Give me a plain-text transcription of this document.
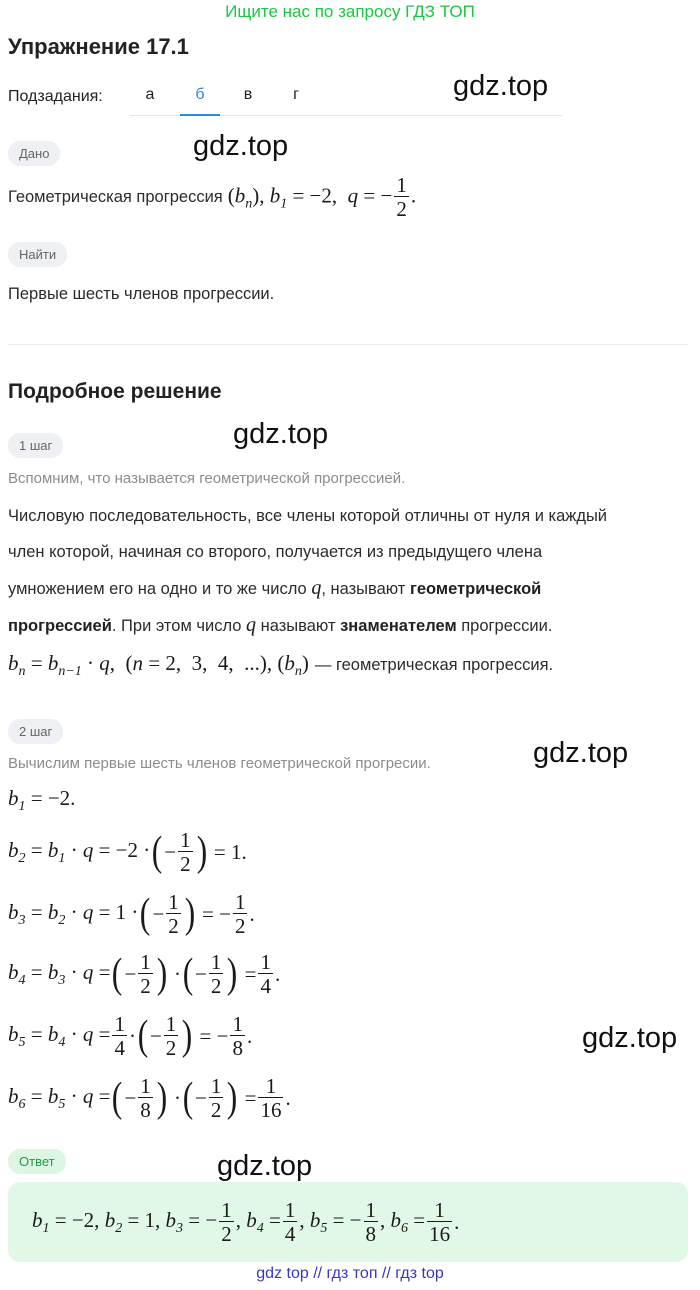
Ищите нас по запросу ГДЗ ТОП
Упражнение 17.1
Подзадания:	а	б	в	г	gdz.top
gdz.top
gdz.top
gdz.top
gdz.top
gdz.top
Дано
Геометрическая прогрессия $(b_n)$, $b_1 = -2$,  q = − $\frac{1}{2}$ .
Найти
Первые шесть членов прогрессии.
Подробное решение
1 шаг
Вспомним, что называется геометрической прогрессией.
Числовую последовательность, все члены которой отличны от нуля и каждый
член которой, начиная со второго, получается из предыдущего члена
умножением его на одно и то же число q, называют геометрической
прогрессией. При этом число q называют знаменателем прогрессии.
$b_n = b_{n-1} \cdot q$,  (n = 2,  3,  4,  ...), $(b_n)$ — геометрическая прогрессия.
2 шаг
Вычислим первые шесть членов геометрической прогресии.
$b_1 = -2$.
$b_2 = b_1 \cdot q = -2$ · ( − $\frac{1}{2}$ ) = 1.
$b_3 = b_2 \cdot q = 1$ · ( − $\frac{1}{2}$ ) = − $\frac{1}{2}$ .
$b_4 = b_3 \cdot q$ = ( − $\frac{1}{2}$ ) · ( − $\frac{1}{2}$ ) = $\frac{1}{4}$ .
$b_5 = b_4 \cdot q = \frac{1}{4}$ · ( − $\frac{1}{2}$ ) = − $\frac{1}{8}$ .
$b_6 = b_5 \cdot q$ = ( − $\frac{1}{8}$ ) · ( − $\frac{1}{2}$ ) = $\frac{1}{16}$ .
Ответ
$b_1 = -2$, $b_2 = 1$, $b_3$ = − $\frac{1}{2}$ , $b_4 = \frac{1}{4}$ , $b_5$ = − $\frac{1}{8}$ , $b_6 = \frac{1}{16}$ .
gdz top // гдз топ // гдз top
